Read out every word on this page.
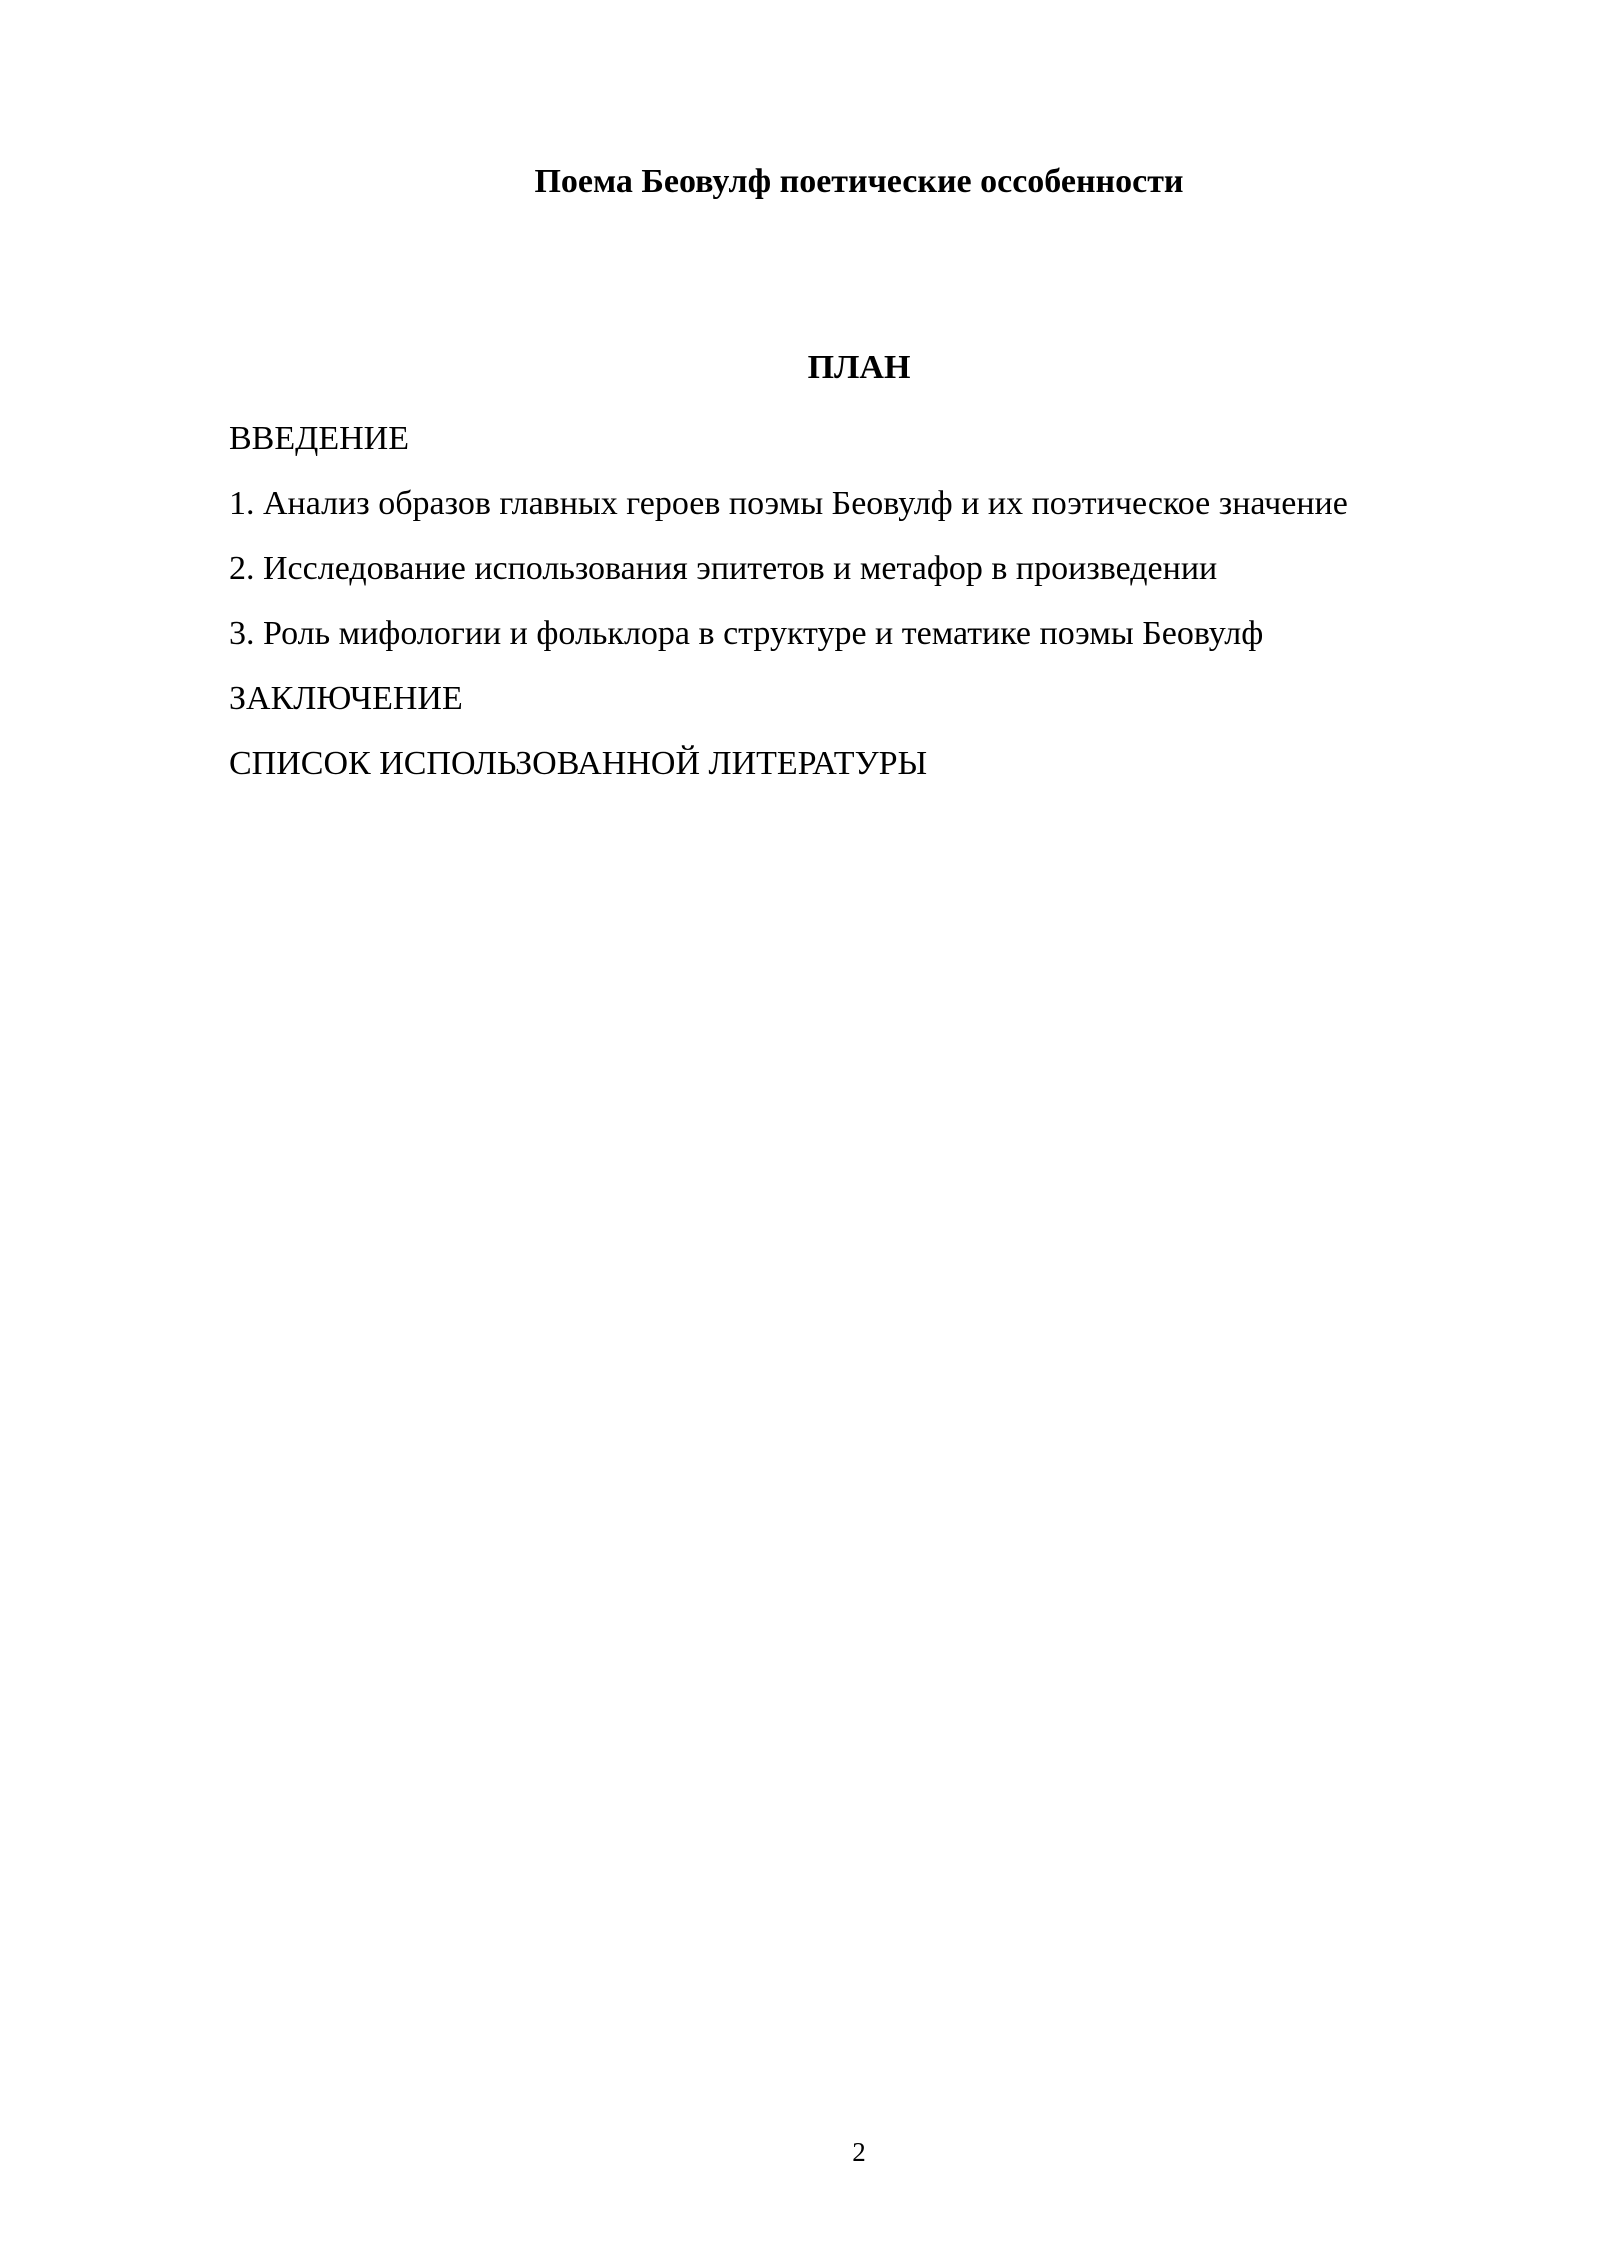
Поема Беовулф поетические оссобенности
ПЛАН
ВВЕДЕНИЕ
1. Анализ образов главных героев поэмы Беовулф и их поэтическое значение
2. Исследование использования эпитетов и метафор в произведении
3. Роль мифологии и фольклора в структуре и тематике поэмы Беовулф
ЗАКЛЮЧЕНИЕ
СПИСОК ИСПОЛЬЗОВАННОЙ ЛИТЕРАТУРЫ
2
